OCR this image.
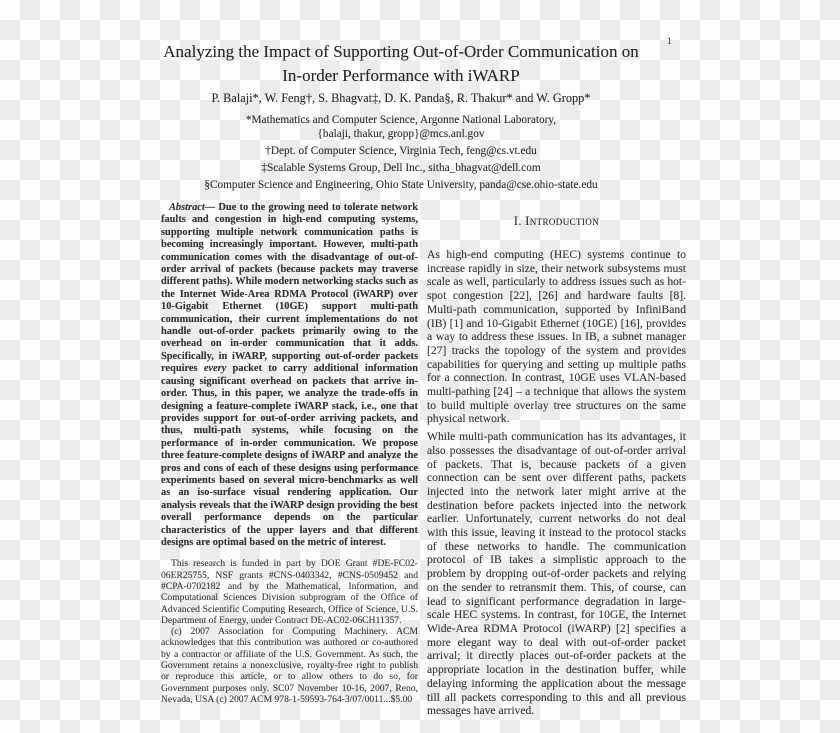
1
Analyzing the Impact of Supporting Out-of-Order Communication on
In-order Performance with iWARP
P. Balaji*, W. Feng†, S. Bhagvat‡, D. K. Panda§, R. Thakur* and W. Gropp*
*Mathematics and Computer Science, Argonne National Laboratory,
{balaji, thakur, gropp}@mcs.anl.gov
†Dept. of Computer Science, Virginia Tech, feng@cs.vt.edu
‡Scalable Systems Group, Dell Inc., sitha_bhagvat@dell.com
§Computer Science and Engineering, Ohio State University, panda@cse.ohio-state.edu

Abstract— Due to the growing need to tolerate network faults and congestion in high-end computing systems, supporting multiple network communication paths is becoming increasingly important. However, multi-path communication comes with the disadvantage of out-of-order arrival of packets (because packets may traverse different paths). While modern networking stacks such as the Internet Wide-Area RDMA Protocol (iWARP) over 10-Gigabit Ethernet (10GE) support multi-path communication, their current implementations do not handle out-of-order packets primarily owing to the overhead on in-order communication that it adds. Specifically, in iWARP, supporting out-of-order packets requires every packet to carry additional information causing significant overhead on packets that arrive in-order. Thus, in this paper, we analyze the trade-offs in designing a feature-complete iWARP stack, i.e., one that provides support for out-of-order arriving packets, and thus, multi-path systems, while focusing on the performance of in-order communication. We propose three feature-complete designs of iWARP and analyze the pros and cons of each of these designs using performance experiments based on several micro-benchmarks as well as an iso-surface visual rendering application. Our analysis reveals that the iWARP design providing the best overall performance depends on the particular characteristics of the upper layers and that different designs are optimal based on the metric of interest.

This research is funded in part by DOE Grant #DE-FC02-06ER25755, NSF grants #CNS-0403342, #CNS-0509452 and #CPA-0702182 and by the Mathematical, Information, and Computational Sciences Division subprogram of the Office of Advanced Scientific Computing Research, Office of Science, U.S. Department of Energy, under Contract DE-AC02-06CH11357.

(c) 2007 Association for Computing Machinery. ACM acknowledges that this contribution was authored or co-authored by a contractor or affiliate of the U.S. Government. As such, the Government retains a nonexclusive, royalty-free right to publish or reproduce this article, or to allow others to do so, for Government purposes only. SC07 November 10-16, 2007, Reno, Nevada, USA (c) 2007 ACM 978-1-59593-764-3/07/0011...$5.00

I. Introduction

As high-end computing (HEC) systems continue to increase rapidly in size, their network subsystems must scale as well, particularly to address issues such as hot-spot congestion [22], [26] and hardware faults [8]. Multi-path communication, supported by InfiniBand (IB) [1] and 10-Gigabit Ethernet (10GE) [16], provides a way to address these issues. In IB, a subnet manager [27] tracks the topology of the system and provides capabilities for querying and setting up multiple paths for a connection. In contrast, 10GE uses VLAN-based multi-pathing [24] – a technique that allows the system to build multiple overlay tree structures on the same physical network.

While multi-path communication has its advantages, it also possesses the disadvantage of out-of-order arrival of packets. That is, because packets of a given connection can be sent over different paths, packets injected into the network later might arrive at the destination before packets injected into the network earlier. Unfortunately, current networks do not deal with this issue, leaving it instead to the protocol stacks of these networks to handle. The communication protocol of IB takes a simplistic approach to the problem by dropping out-of-order packets and relying on the sender to retransmit them. This, of course, can lead to significant performance degradation in large-scale HEC systems. In contrast, for 10GE, the Internet Wide-Area RDMA Protocol (iWARP) [2] specifies a more elegant way to deal with out-of-order packet arrival; it directly places out-of-order packets at the appropriate location in the destination buffer, while delaying informing the application about the message till all packets corresponding to this and all previous messages have arrived.
